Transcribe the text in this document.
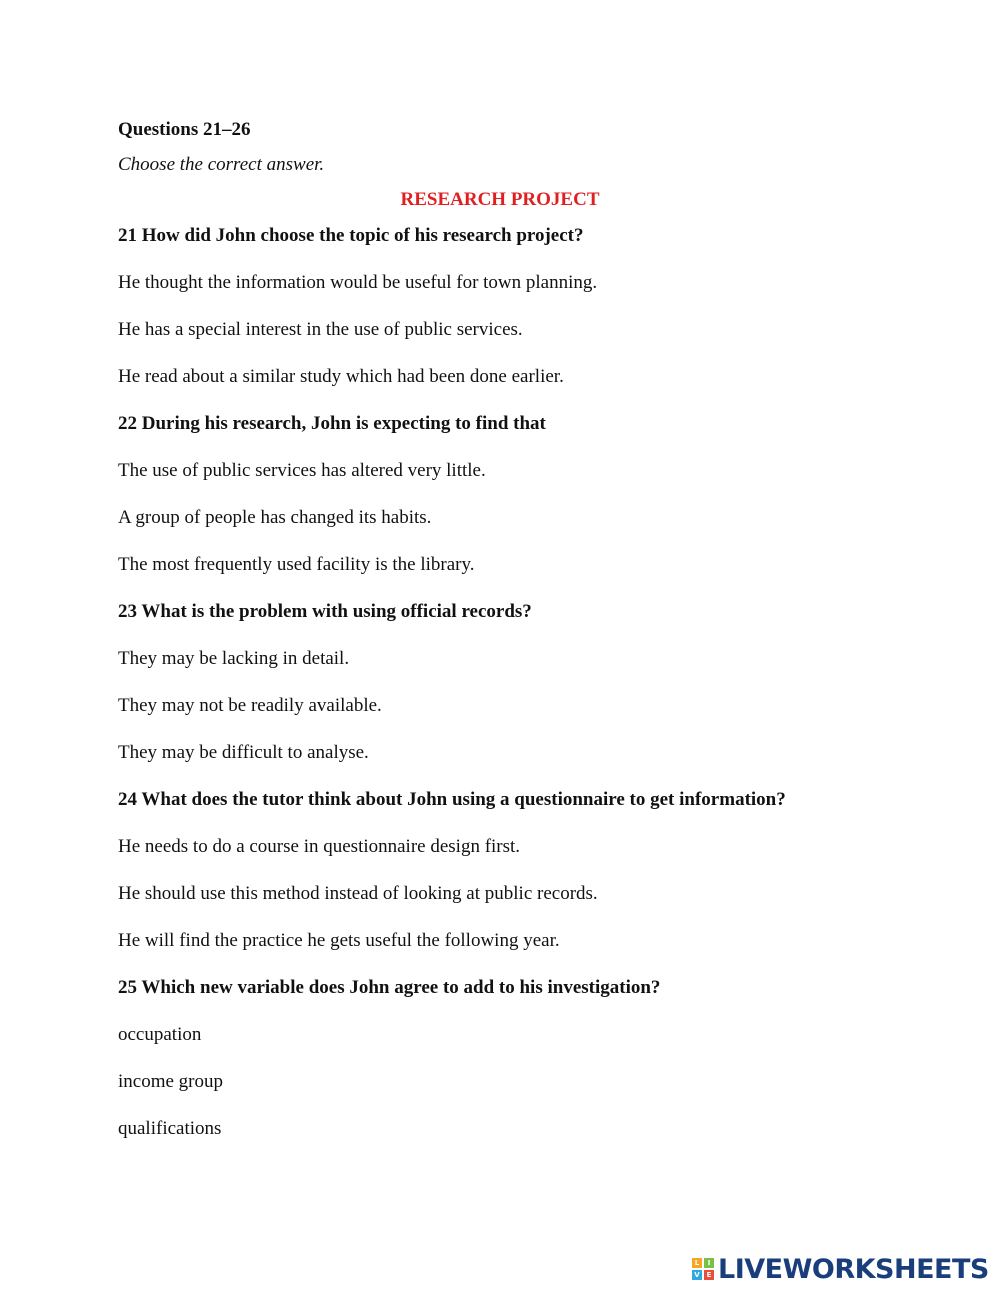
Questions 21–26
Choose the correct answer.
RESEARCH PROJECT
21 How did John choose the topic of his research project?
He thought the information would be useful for town planning.
He has a special interest in the use of public services.
He read about a similar study which had been done earlier.
22 During his research, John is expecting to find that
The use of public services has altered very little.
A group of people has changed its habits.
The most frequently used facility is the library.
23 What is the problem with using official records?
They may be lacking in detail.
They may not be readily available.
They may be difficult to analyse.
24 What does the tutor think about John using a questionnaire to get information?
He needs to do a course in questionnaire design first.
He should use this method instead of looking at public records.
He will find the practice he gets useful the following year.
25 Which new variable does John agree to add to his investigation?
occupation
income group
qualifications
L	I
V E LIVEWORKSHEETS
